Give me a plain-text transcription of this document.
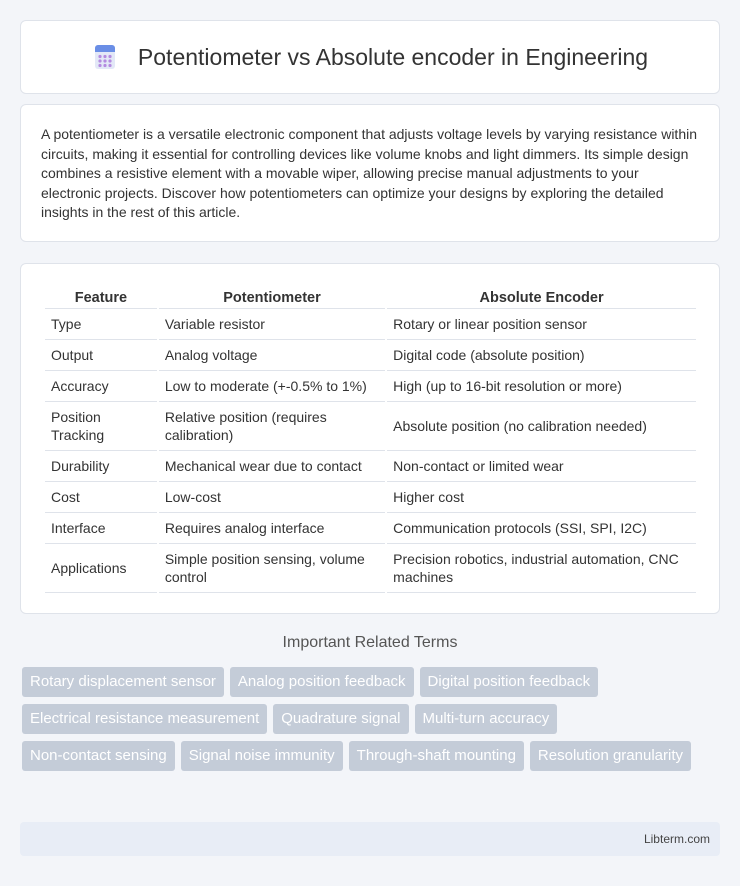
Potentiometer vs Absolute encoder in Engineering

A potentiometer is a versatile electronic component that adjusts voltage levels by varying resistance within circuits, making it essential for controlling devices like volume knobs and light dimmers. Its simple design combines a resistive element with a movable wiper, allowing precise manual adjustments to your electronic projects. Discover how potentiometers can optimize your designs by exploring the detailed insights in the rest of this article.

Feature	Potentiometer	Absolute Encoder
Type	Variable resistor	Rotary or linear position sensor
Output	Analog voltage	Digital code (absolute position)
Accuracy	Low to moderate (+-0.5% to 1%)	High (up to 16-bit resolution or more)
Position Tracking	Relative position (requires calibration)	Absolute position (no calibration needed)
Durability	Mechanical wear due to contact	Non-contact or limited wear
Cost	Low-cost	Higher cost
Interface	Requires analog interface	Communication protocols (SSI, SPI, I2C)
Applications	Simple position sensing, volume control	Precision robotics, industrial automation, CNC machines
Important Related Terms
Rotary displacement sensor	Analog position feedback	Digital position feedback
Electrical resistance measurement	Quadrature signal	Multi-turn accuracy
Non-contact sensing	Signal noise immunity	Through-shaft mounting	Resolution granularity
Libterm.com
